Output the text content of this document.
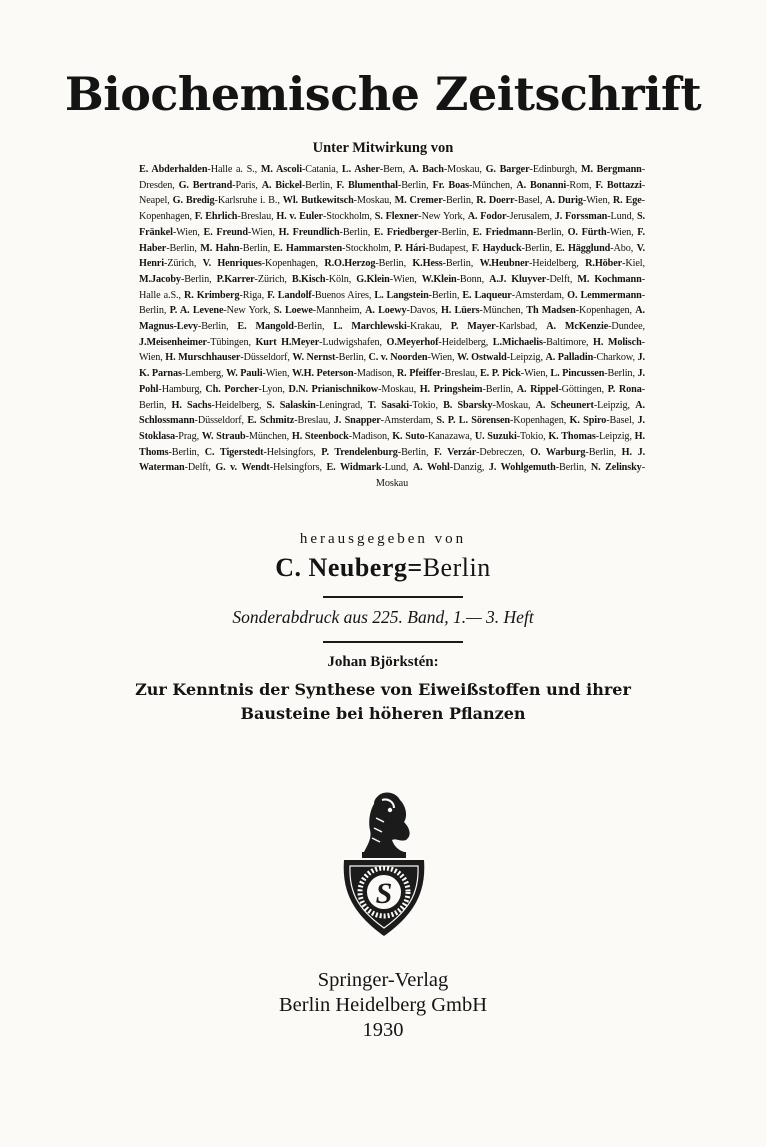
Biochemische Zeitschrift
Unter Mitwirkung von
E. Abderhalden-Halle a. S., M. Ascoli-Catania, L. Asher-Bern, A. Bach-Moskau, G. Barger-Edinburgh, M. Bergmann-Dresden, G. Bertrand-Paris, A. Bickel-Berlin, F. Blumenthal-Berlin, Fr. Boas-München, A. Bonanni-Rom, F. Bottazzi-Neapel, G. Bredig-Karlsruhe i. B., Wl. Butkewitsch-Moskau, M. Cremer-Berlin, R. Doerr-Basel, A. Durig-Wien, R. Ege-Kopenhagen, F. Ehrlich-Breslau, H. v. Euler-Stockholm, S. Flexner-New York, A. Fodor-Jerusalem, J. Forssman-Lund, S. Fränkel-Wien, E. Freund-Wien, H. Freundlich-Berlin, E. Friedberger-Berlin, E. Friedmann-Berlin, O. Fürth-Wien, F. Haber-Berlin, M. Hahn-Berlin, E. Hammarsten-Stockholm, P. Hári-Budapest, F. Hayduck-Berlin, E. Hägglund-Abo, V. Henri-Zürich, V. Henriques-Kopenhagen, R.O.Herzog-Berlin, K.Hess-Berlin, W.Heubner-Heidelberg, R.Höber-Kiel, M.Jacoby-Berlin, P.Karrer-Zürich, B.Kisch-Köln, G.Klein-Wien, W.Klein-Bonn, A.J. Kluyver-Delft, M. Kochmann-Halle a.S., R. Krimberg-Riga, F. Landolf-Buenos Aires, L. Langstein-Berlin, E. Laqueur-Amsterdam, O. Lemmermann-Berlin, P. A. Levene-New York, S. Loewe-Mannheim, A. Loewy-Davos, H. Lüers-München, Th Madsen-Kopenhagen, A. Magnus-Levy-Berlin, E. Mangold-Berlin, L. Marchlewski-Krakau, P. Mayer-Karlsbad, A. McKenzie-Dundee, J.Meisenheimer-Tübingen, Kurt H.Meyer-Ludwigshafen, O.Meyerhof-Heidelberg, L.Michaelis-Baltimore, H. Molisch-Wien, H. Murschhauser-Düsseldorf, W. Nernst-Berlin, C. v. Noorden-Wien, W. Ostwald-Leipzig, A. Palladin-Charkow, J. K. Parnas-Lemberg, W. Pauli-Wien, W.H. Peterson-Madison, R. Pfeiffer-Breslau, E. P. Pick-Wien, L. Pincussen-Berlin, J. Pohl-Hamburg, Ch. Porcher-Lyon, D.N. Prianischnikow-Moskau, H. Pringsheim-Berlin, A. Rippel-Göttingen, P. Rona-Berlin, H. Sachs-Heidelberg, S. Salaskin-Leningrad, T. Sasaki-Tokio, B. Sbarsky-Moskau, A. Scheunert-Leipzig, A. Schlossmann-Düsseldorf, E. Schmitz-Breslau, J. Snapper-Amsterdam, S. P. L. Sörensen-Kopenhagen, K. Spiro-Basel, J. Stoklasa-Prag, W. Straub-München, H. Steenbock-Madison, K. Suto-Kanazawa, U. Suzuki-Tokio, K. Thomas-Leipzig, H. Thoms-Berlin, C. Tigerstedt-Helsingfors, P. Trendelenburg-Berlin, F. Verzár-Debreczen, O. Warburg-Berlin, H. J. Waterman-Delft, G. v. Wendt-Helsingfors, E. Widmark-Lund, A. Wohl-Danzig, J. Wohlgemuth-Berlin, N. Zelinsky-Moskau
herausgegeben von
C. Neuberg=Berlin
Sonderabdruck aus 225. Band, 1.— 3. Heft
Johan Björkstén:
Zur Kenntnis der Synthese von Eiweißstoffen und ihrer
Bausteine bei höheren Pflanzen
S
Springer-Verlag
Berlin Heidelberg GmbH
1930
